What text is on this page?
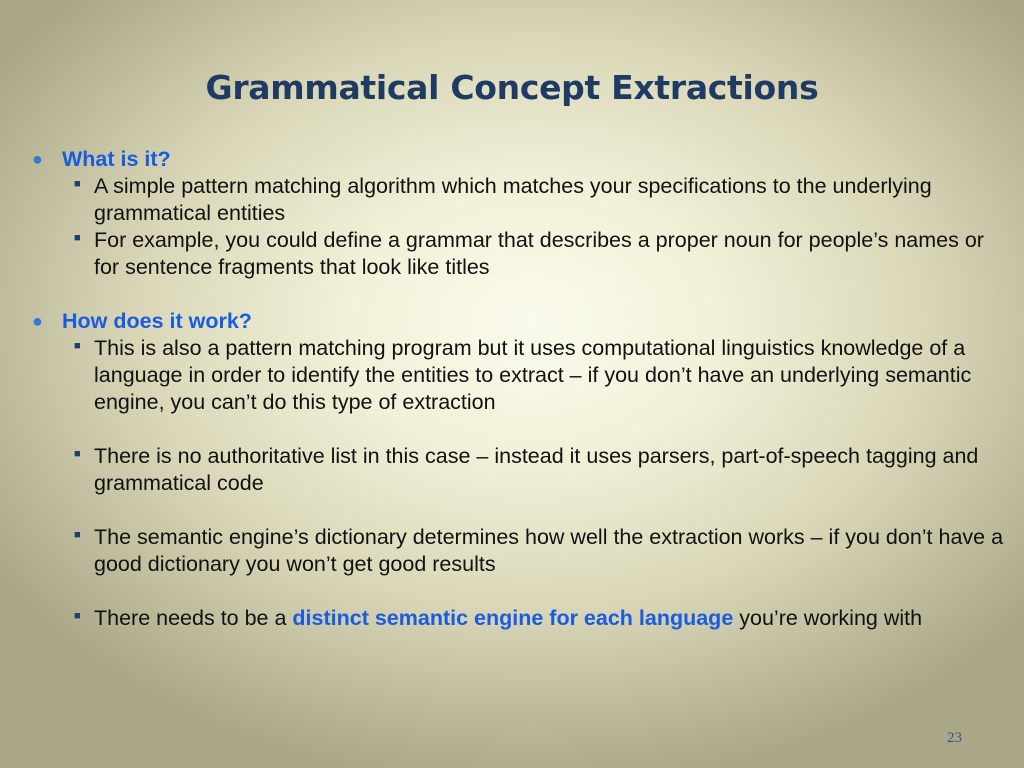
Grammatical Concept Extractions
● What is it?
■ A simple pattern matching algorithm which matches your specifications to the underlying grammatical entities
■ For example, you could define a grammar that describes a proper noun for people’s names or for sentence fragments that look like titles
● How does it work?
■ This is also a pattern matching program but it uses computational linguistics knowledge of a language in order to identify the entities to extract – if you don’t have an underlying semantic engine, you can’t do this type of extraction
■ There is no authoritative list in this case – instead it uses parsers, part-of-speech tagging and grammatical code
■ The semantic engine’s dictionary determines how well the extraction works – if you don’t have a good dictionary you won’t get good results
■ There needs to be a distinct semantic engine for each language you’re working with
23
